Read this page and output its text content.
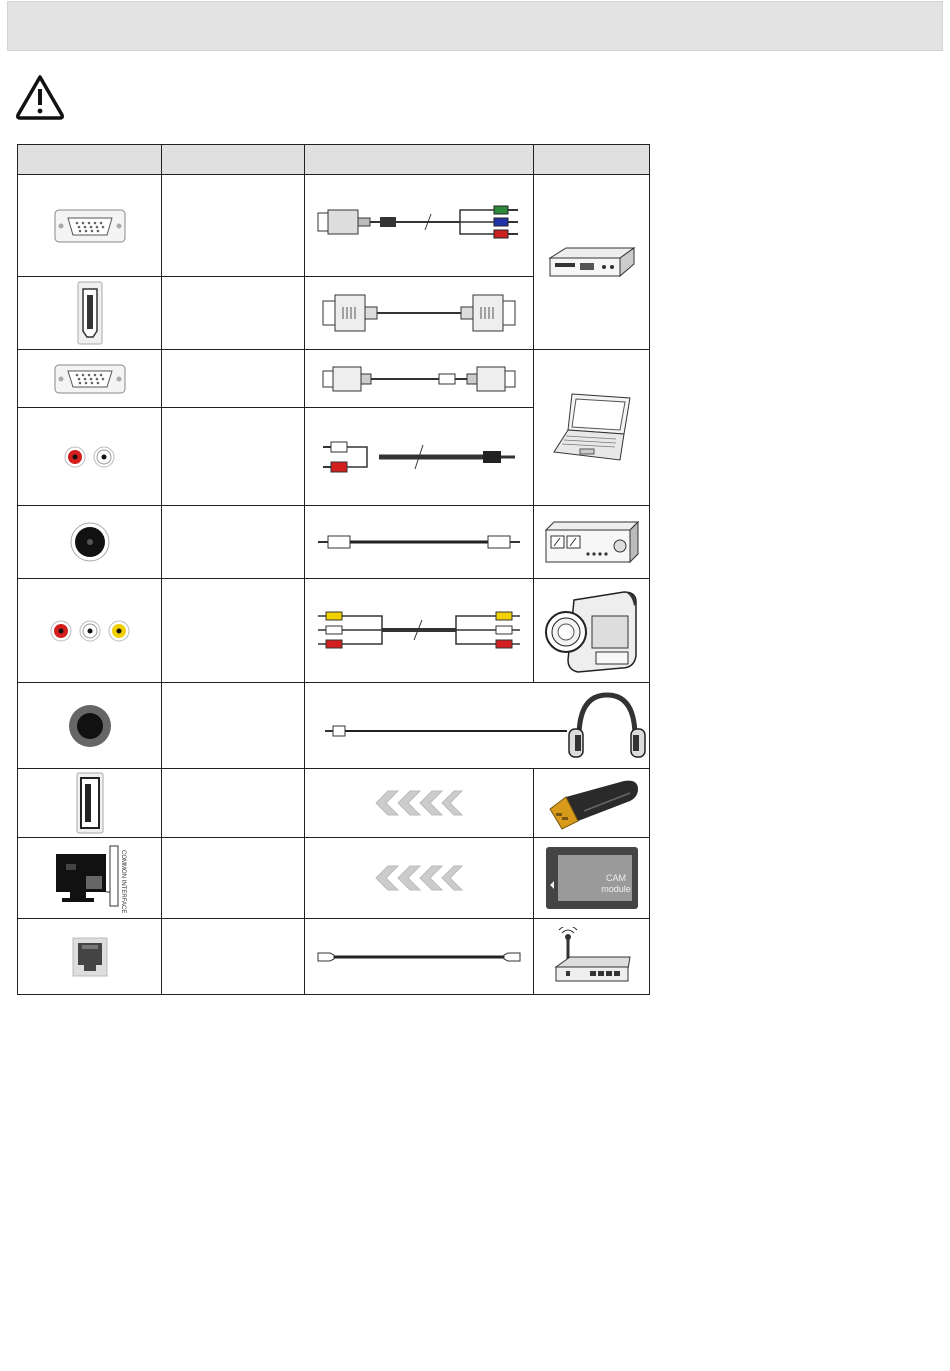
COMMON INTERFACE			CAM
module
